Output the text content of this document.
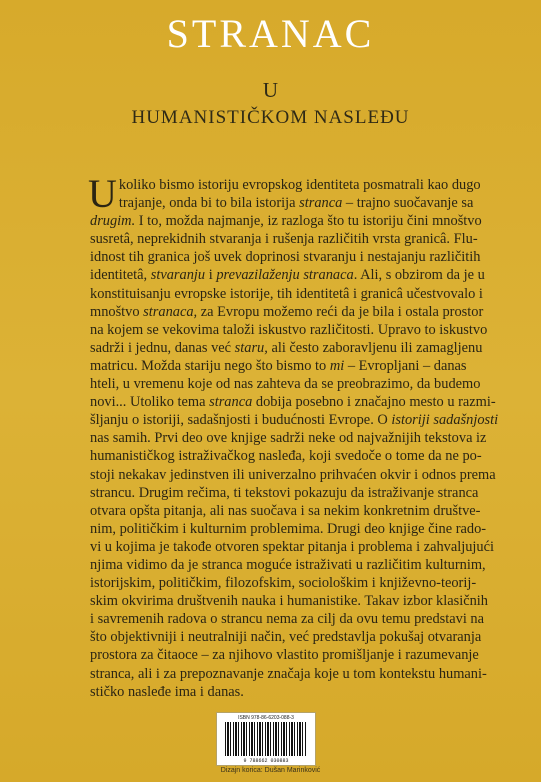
STRANAC
U
HUMANISTIČKOM NASLEĐU
U koliko bismo istoriju evropskog identiteta posmatrali kao dugo
trajanje, onda bi to bila istorija stranca – trajno suočavanje sa
drugim. I to, možda najmanje, iz razloga što tu istoriju čini mnoštvo
susretâ, neprekidnih stvaranja i rušenja različitih vrsta granicâ. Flu-
idnost tih granica još uvek doprinosi stvaranju i nestajanju različitih
identitetâ, stvaranju i prevazilaženju stranaca. Ali, s obzirom da je u
konstituisanju evropske istorije, tih identitetâ i granicâ učestvovalo i
mnoštvo stranaca, za Evropu možemo reći da je bila i ostala prostor
na kojem se vekovima taloži iskustvo različitosti. Upravo to iskustvo
sadrži i jednu, danas već staru, ali često zaboravljenu ili zamagljenu
matricu. Možda stariju nego što bismo to mi – Evropljani – danas
hteli, u vremenu koje od nas zahteva da se preobrazimo, da budemo
novi... Utoliko tema stranca dobija posebno i značajno mesto u razmi-
šljanju o istoriji, sadašnjosti i budućnosti Evrope. O istoriji sadašnjosti
nas samih. Prvi deo ove knjige sadrži neke od najvažnijih tekstova iz
humanističkog istraživačkog nasleđa, koji svedoče o tome da ne po-
stoji nekakav jedinstven ili univerzalno prihvaćen okvir i odnos prema
strancu. Drugim rečima, ti tekstovi pokazuju da istraživanje stranca
otvara opšta pitanja, ali nas suočava i sa nekim konkretnim društve-
nim, političkim i kulturnim problemima. Drugi deo knjige čine rado-
vi u kojima je takođe otvoren spektar pitanja i problema i zahvaljujući
njima vidimo da je stranca moguće istraživati u različitim kulturnim,
istorijskim, političkim, filozofskim, sociološkim i književno-teorij-
skim okvirima društvenih nauka i humanistike. Takav izbor klasičnih
i savremenih radova o strancu nema za cilj da ovu temu predstavi na
što objektivniji i neutralniji način, već predstavlja pokušaj otvaranja
prostora za čitaoce – za njihovo vlastito promišljanje i razumevanje
stranca, ali i za prepoznavanje značaja koje u tom kontekstu humani-
stičko nasleđe ima i danas.
ISBN 978-86-6203-088-3
9 788662 030883
Dizajn korica: Dušan Marinković
